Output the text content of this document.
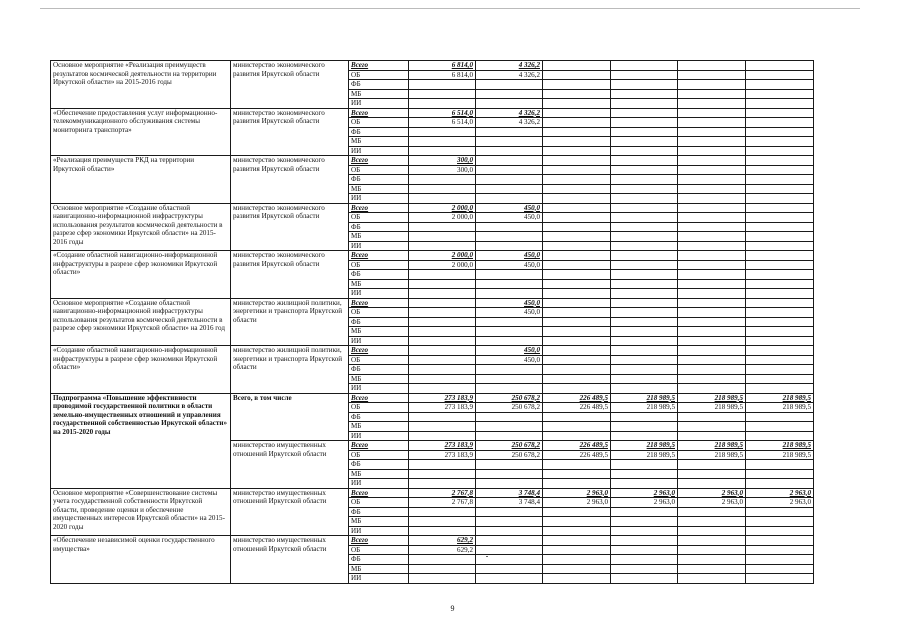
Основное мероприятие «Реализация преимуществ результатов космической деятельности на территории Иркутской области» на 2015-2016 годы	министерство экономического развития Иркутской области	Всего	6 814,0	4 326,2				
		ОБ	6 814,0	4 326,2				
		ФБ						
		МБ						
		ИИ						
«Обеспечение предоставления услуг информационно-телекоммуникационного обслуживания системы мониторинга транспорта»	министерство экономического развития Иркутской области	Всего	6 514,0	4 326,2				
		ОБ	6 514,0	4 326,2				
		ФБ						
		МБ						
		ИИ						
«Реализация преимуществ РКД на территории Иркутской области»	министерство экономического развития Иркутской области	Всего	300,0					
		ОБ	300,0					
		ФБ						
		МБ						
		ИИ						
Основное мероприятие «Создание областной навигационно-информационной инфраструктуры использования результатов космической деятельности в разрезе сфер экономики Иркутской области» на 2015-2016 годы	министерство экономического развития Иркутской области	Всего	2 000,0	450,0				
		ОБ	2 000,0	450,0				
		ФБ						
		МБ						
		ИИ						
«Создание областной навигационно-информационной инфраструктуры в разрезе сфер экономики Иркутской области»	министерство экономического развития Иркутской области	Всего	2 000,0	450,0				
		ОБ	2 000,0	450,0				
		ФБ						
		МБ						
		ИИ						
Основное мероприятие «Создание областной навигационно-информационной инфраструктуры использования результатов космической деятельности в разрезе сфер экономики Иркутской области» на 2016 год	министерство жилищной политики, энергетики и транспорта Иркутской области	Всего		450,0				
		ОБ		450,0				
		ФБ						
		МБ						
		ИИ						
«Создание областной навигационно-информационной инфраструктуры в разрезе сфер экономики Иркутской области»	министерство жилищной политики, энергетики и транспорта Иркутской области	Всего		450,0				
		ОБ		450,0				
		ФБ						
		МБ						
		ИИ						
Подпрограмма «Повышение эффективности проводимой государственной политики в области земельно-имущественных отношений и управления государственной собственностью Иркутской области» на 2015-2020 годы	Всего, в том числе	Всего	273 183,9	250 678,2	226 489,5	218 989,5	218 989,5	218 989,5
		ОБ	273 183,9	250 678,2	226 489,5	218 989,5	218 989,5	218 989,5
		ФБ						
		МБ						
		ИИ						
	министерство имущественных отношений Иркутской области	Всего	273 183,9	250 678,2	226 489,5	218 989,5	218 989,5	218 989,5
		ОБ	273 183,9	250 678,2	226 489,5	218 989,5	218 989,5	218 989,5
		ФБ						
		МБ						
		ИИ						
Основное мероприятие «Совершенствование системы учета государственной собственности Иркутской области, проведение оценки и обеспечение имущественных интересов Иркутской области» на 2015-2020 годы	министерство имущественных отношений Иркутской области	Всего	2 767,8	3 748,4	2 963,0	2 963,0	2 963,0	2 963,0
		ОБ	2 767,8	3 748,4	2 963,0	2 963,0	2 963,0	2 963,0
		ФБ						
		МБ						
		ИИ						
«Обеспечение независимой оценки государственного имущества»	министерство имущественных отношений Иркутской области	Всего	629,2					
		ОБ	629,2					
		ФБ						
		МБ						
		ИИ						
9
